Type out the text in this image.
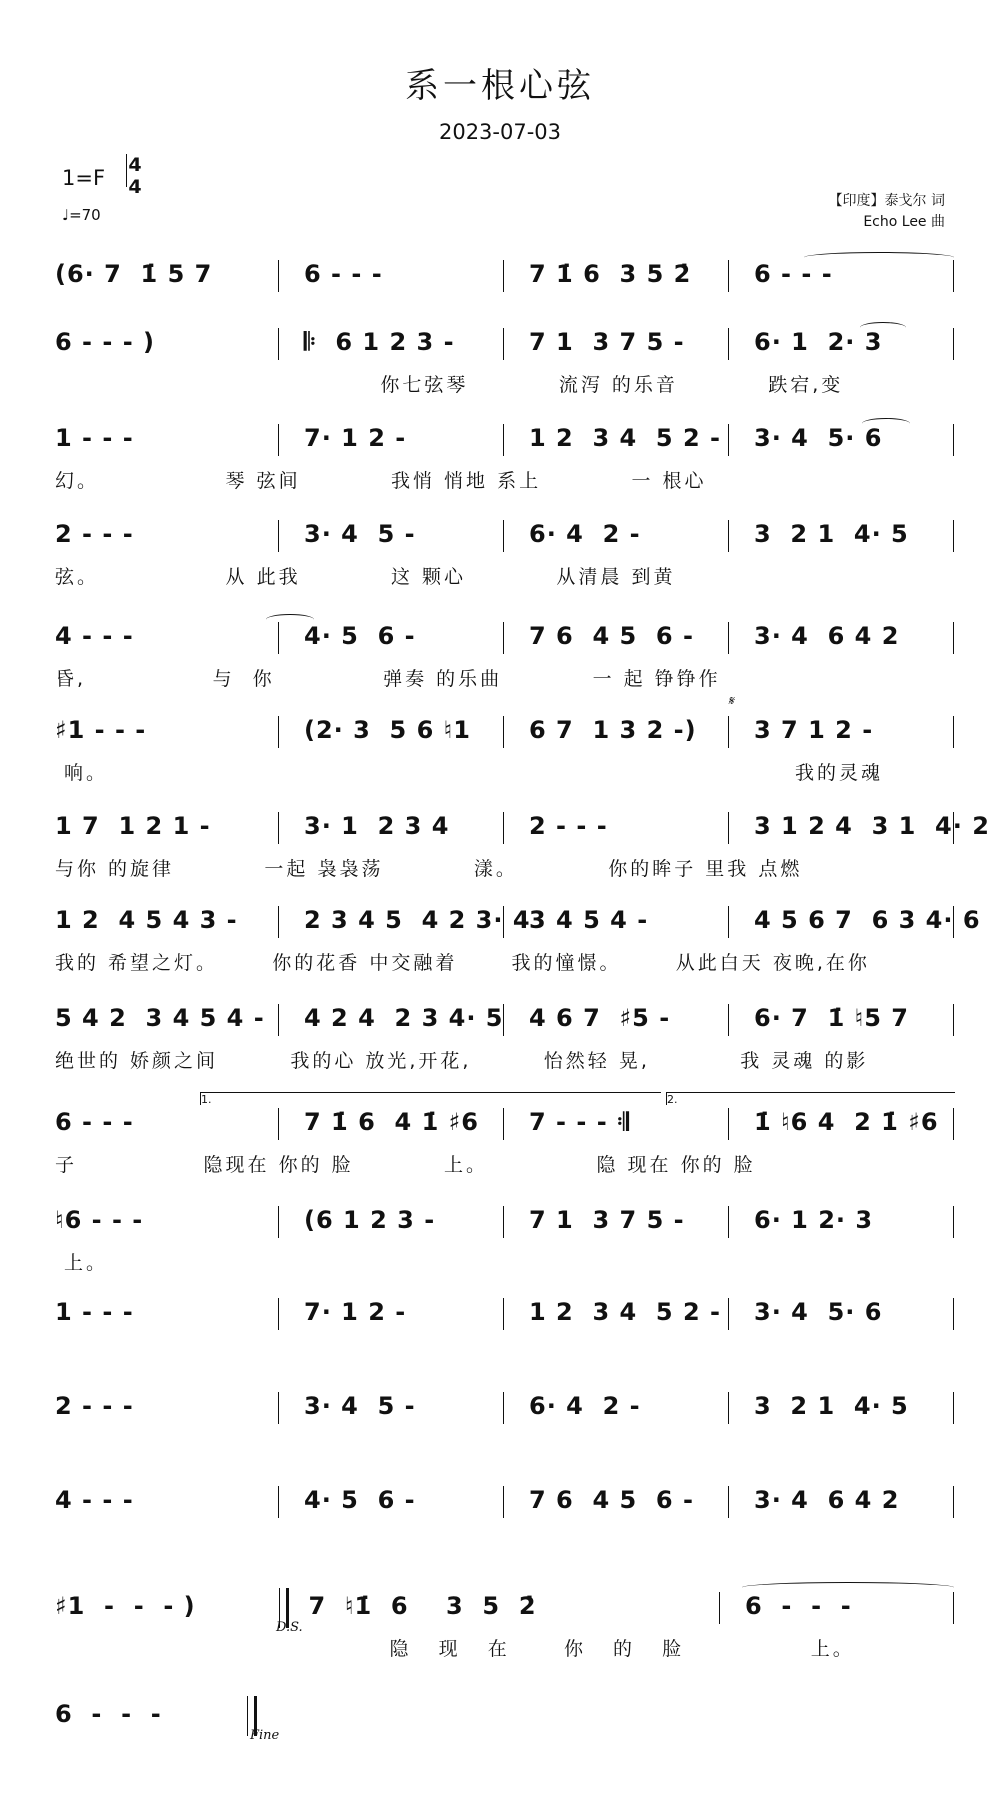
系一根心弦
2023-07-03
1=F
4
4
♩=70
【印度】泰戈尔 词
Echo Lee 曲
(6· 7  1̇ 5 7	6 - - -	7 1̇ 6  3 5 2̇	6 - - -
6 - - - )	𝄆  6 1 2 3 -	7 1  3 7 5 -	6· 1  2· 3
你七弦琴          流泻 的乐音          跌宕,变
1 - - -	7· 1 2 -	1 2  3 4  5 2 - 3· 4  5· 6
幻。              琴 弦间          我悄 悄地 系上          一 根心
2 - - -	3· 4  5 -	6· 4  2 -	3  2 1  4· 5
弦。              从 此我          这 颗心          从清晨 到黄
4 - - -	4· 5  6 -	7 6  4 5  6 -	3· 4  6 4 2
昏,              与  你            弹奏 的乐曲          一 起 铮铮作
♯1 - - -	(2· 3  5 6 ♮1 6 7  1 3 2 -) 3 7 1 2 -
响。                                                                            我的灵魂
1 7  1 2 1 -	3· 1  2 3 4	2 - - -	3 1 2 4  3 1  4· 2
与你 的旋律          一起 袅袅荡          漾。          你的眸子 里我 点燃
1 2  4 5 4 3 -	2 3 4 5  4 2 3· 4
3 4 5 4 -	4 5 6 7  6 3 4· 6
我的 希望之灯。      你的花香 中交融着      我的憧憬。      从此白天 夜晚,在你
5 4 2  3 4 5 4 - 4 2 4  2 3 4· 5 4 6 7  ♯5 -	6· 7  1̇ ♮5 7
绝世的 娇颜之间        我的心 放光,开花,        怡然轻 晃,          我 灵魂 的影
6 - - -	7 1̇ 6  4 1̇ ♯6 7 - - - 𝄇	1̇ ♮6 4  2 1̇ ♯6
子              隐现在 你的 脸          上。            隐 现在 你的 脸
♮6 - - -	(6 1 2 3 -	7 1  3 7 5 -	6· 1 2· 3
上。
1 - - -	7· 1 2 -	1 2  3 4  5 2 - 3· 4  5· 6
2 - - -	3· 4  5 -	6· 4  2 -	3  2 1  4· 5
4 - - -	4· 5  6 -	7 6  4 5  6 -	3· 4  6 4 2
♯1  -  -  - )	7  ♮1̇  6    3  5  2̇	6  -  -  -
隐   现   在      你   的   脸              上。
6  -  -  -
𝄋
D.S.
Fine
1.	2.
